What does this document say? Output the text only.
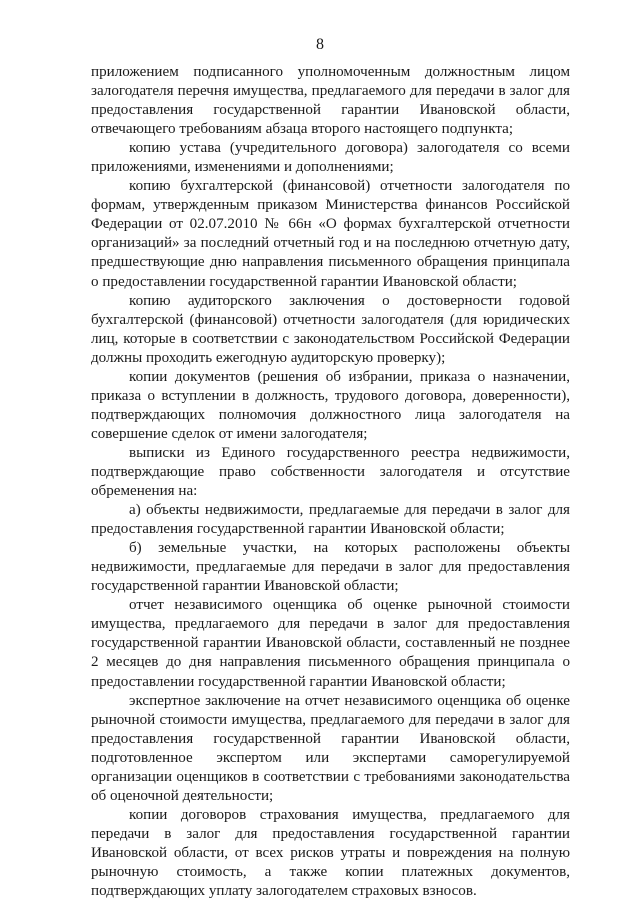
8

приложением подписанного уполномоченным должностным лицом залогодателя перечня имущества, предлагаемого для передачи в залог для предоставления государственной гарантии Ивановской области, отвечающего требованиям абзаца второго настоящего подпункта;

копию устава (учредительного договора) залогодателя со всеми приложениями, изменениями и дополнениями;

копию бухгалтерской (финансовой) отчетности залогодателя по формам, утвержденным приказом Министерства финансов Российской Федерации от 02.07.2010 № 66н «О формах бухгалтерской отчетности организаций» за последний отчетный год и на последнюю отчетную дату, предшествующие дню направления письменного обращения принципала о предоставлении государственной гарантии Ивановской области;

копию аудиторского заключения о достоверности годовой бухгалтерской (финансовой) отчетности залогодателя (для юридических лиц, которые в соответствии с законодательством Российской Федерации должны проходить ежегодную аудиторскую проверку);

копии документов (решения об избрании, приказа о назначении, приказа о вступлении в должность, трудового договора, доверенности), подтверждающих полномочия должностного лица залогодателя на совершение сделок от имени залогодателя;

выписки из Единого государственного реестра недвижимости, подтверждающие право собственности залогодателя и отсутствие обременения на:

а) объекты недвижимости, предлагаемые для передачи в залог для предоставления государственной гарантии Ивановской области;

б) земельные участки, на которых расположены объекты недвижимости, предлагаемые для передачи в залог для предоставления государственной гарантии Ивановской области;

отчет независимого оценщика об оценке рыночной стоимости имущества, предлагаемого для передачи в залог для предоставления государственной гарантии Ивановской области, составленный не позднее 2 месяцев до дня направления письменного обращения принципала о предоставлении государственной гарантии Ивановской области;

экспертное заключение на отчет независимого оценщика об оценке рыночной стоимости имущества, предлагаемого для передачи в залог для предоставления государственной гарантии Ивановской области, подготовленное экспертом или экспертами саморегулируемой организации оценщиков в соответствии с требованиями законодательства об оценочной деятельности;

копии договоров страхования имущества, предлагаемого для передачи в залог для предоставления государственной гарантии Ивановской области, от всех рисков утраты и повреждения на полную рыночную стоимость, а также копии платежных документов, подтверждающих уплату залогодателем страховых взносов.
